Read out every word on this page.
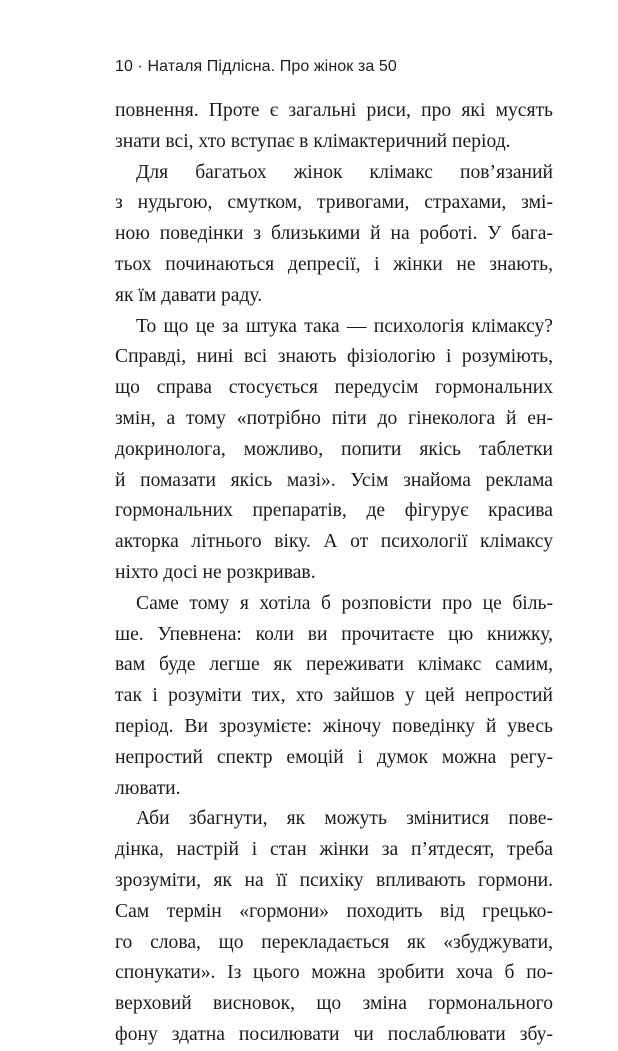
10 · Наталя Підлісна. Про жінок за 50
повнення. Проте є загальні риси, про які мусять
знати всі, хто вступає в клімактеричний період.
Для багатьох жінок клімакс пов’язаний
з нудьгою, смутком, тривогами, страхами, змі-
ною поведінки з близькими й на роботі. У бага-
тьох починаються депресії, і жінки не знають,
як їм давати раду.
То що це за штука така — психологія клімаксу?
Справді, нині всі знають фізіологію і розуміють,
що справа стосується передусім гормональних
змін, а тому «потрібно піти до гінеколога й ен-
докринолога, можливо, попити якісь таблетки
й помазати якісь мазі». Усім знайома реклама
гормональних препаратів, де фігурує красива
акторка літнього віку. А от психології клімаксу
ніхто досі не розкривав.
Саме тому я хотіла б розповісти про це біль-
ше. Упевнена: коли ви прочитаєте цю книжку,
вам буде легше як переживати клімакс самим,
так і розуміти тих, хто зайшов у цей непростий
період. Ви зрозумієте: жіночу поведінку й увесь
непростий спектр емоцій і думок можна регу-
лювати.
Аби збагнути, як можуть змінитися пове-
дінка, настрій і стан жінки за п’ятдесят, треба
зрозуміти, як на її психіку впливають гормони.
Сам термін «гормони» походить від грецько-
го слова, що перекладається як «збуджувати,
спонукати». Із цього можна зробити хоча б по-
верховий висновок, що зміна гормонального
фону здатна посилювати чи послаблювати збу-
